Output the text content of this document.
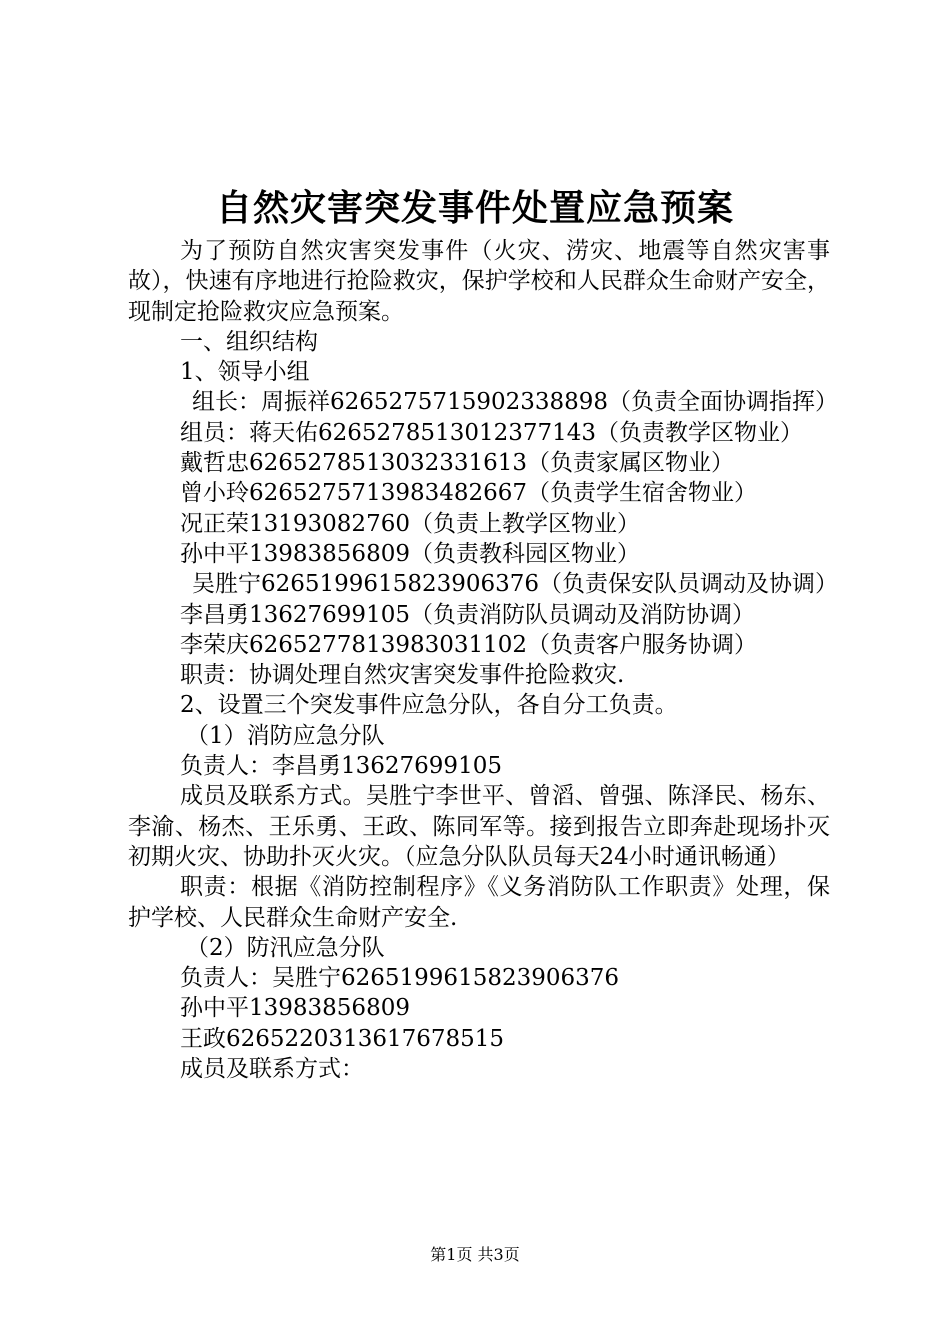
自然灾害突发事件处置应急预案

为了预防自然灾害突发事件（火灾、涝灾、地震等自然灾害事故），快速有序地进行抢险救灾，保护学校和人民群众生命财产安全，现制定抢险救灾应急预案。

一、组织结构

1、领导小组

组长：周振祥6265275715902338898（负责全面协调指挥）

组员：蒋天佑6265278513012377143（负责教学区物业）

戴哲忠6265278513032331613（负责家属区物业）

曾小玲6265275713983482667（负责学生宿舍物业）

况正荣13193082760（负责上教学区物业）

孙中平13983856809（负责教科园区物业）

吴胜宁6265199615823906376（负责保安队员调动及协调）

李昌勇13627699105（负责消防队员调动及消防协调）

李荣庆6265277813983031102（负责客户服务协调）

职责：协调处理自然灾害突发事件抢险救灾.

2、设置三个突发事件应急分队，各自分工负责。

（1）消防应急分队

负责人：李昌勇13627699105

成员及联系方式。吴胜宁李世平、曾滔、曾强、陈泽民、杨东、李渝、杨杰、王乐勇、王政、陈同军等。接到报告立即奔赴现场扑灭初期火灾、协助扑灭火灾。（应急分队队员每天24小时通讯畅通）

职责：根据《消防控制程序》《义务消防队工作职责》处理，保护学校、人民群众生命财产安全.

（2）防汛应急分队

负责人：吴胜宁6265199615823906376

孙中平13983856809

王政6265220313617678515

成员及联系方式：

第1页 共3页
